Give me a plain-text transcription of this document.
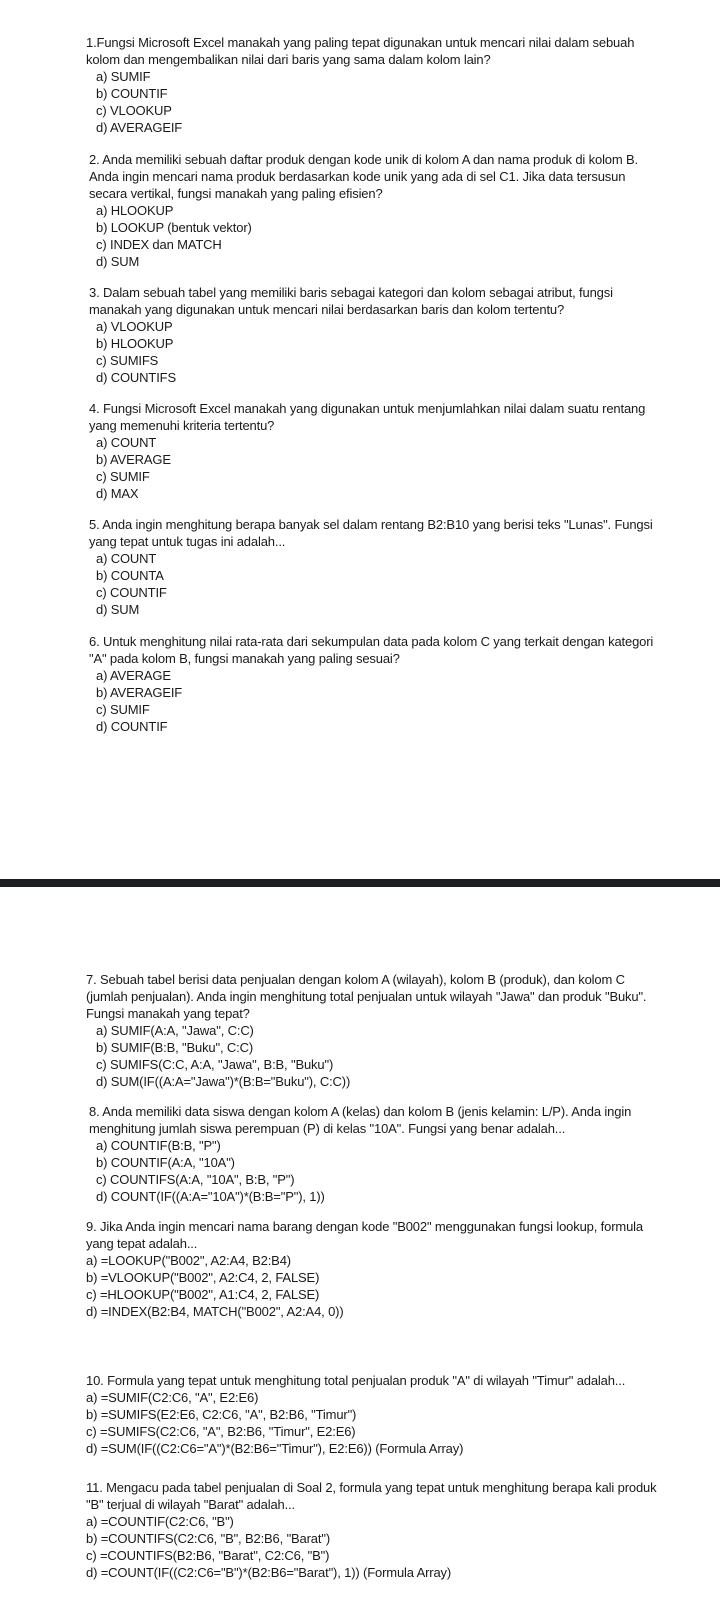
1.Fungsi Microsoft Excel manakah yang paling tepat digunakan untuk mencari nilai dalam sebuah kolom dan mengembalikan nilai dari baris yang sama dalam kolom lain?

a) SUMIF

b) COUNTIF

c) VLOOKUP

d) AVERAGEIF

2. Anda memiliki sebuah daftar produk dengan kode unik di kolom A dan nama produk di kolom B. Anda ingin mencari nama produk berdasarkan kode unik yang ada di sel C1. Jika data tersusun secara vertikal, fungsi manakah yang paling efisien?

a) HLOOKUP

b) LOOKUP (bentuk vektor)

c) INDEX dan MATCH

d) SUM

3. Dalam sebuah tabel yang memiliki baris sebagai kategori dan kolom sebagai atribut, fungsi manakah yang digunakan untuk mencari nilai berdasarkan baris dan kolom tertentu?

a) VLOOKUP

b) HLOOKUP

c) SUMIFS

d) COUNTIFS

4. Fungsi Microsoft Excel manakah yang digunakan untuk menjumlahkan nilai dalam suatu rentang yang memenuhi kriteria tertentu?

a) COUNT

b) AVERAGE

c) SUMIF

d) MAX

5. Anda ingin menghitung berapa banyak sel dalam rentang B2:B10 yang berisi teks "Lunas". Fungsi yang tepat untuk tugas ini adalah...

a) COUNT

b) COUNTA

c) COUNTIF

d) SUM

6. Untuk menghitung nilai rata-rata dari sekumpulan data pada kolom C yang terkait dengan kategori "A" pada kolom B, fungsi manakah yang paling sesuai?

a) AVERAGE

b) AVERAGEIF

c) SUMIF

d) COUNTIF

7. Sebuah tabel berisi data penjualan dengan kolom A (wilayah), kolom B (produk), dan kolom C (jumlah penjualan). Anda ingin menghitung total penjualan untuk wilayah "Jawa" dan produk "Buku". Fungsi manakah yang tepat?

a) SUMIF(A:A, "Jawa", C:C)

b) SUMIF(B:B, "Buku", C:C)

c) SUMIFS(C:C, A:A, "Jawa", B:B, "Buku")

d) SUM(IF((A:A="Jawa")*(B:B="Buku"), C:C))

8. Anda memiliki data siswa dengan kolom A (kelas) dan kolom B (jenis kelamin: L/P). Anda ingin menghitung jumlah siswa perempuan (P) di kelas "10A". Fungsi yang benar adalah...

a) COUNTIF(B:B, "P")

b) COUNTIF(A:A, "10A")

c) COUNTIFS(A:A, "10A", B:B, "P")

d) COUNT(IF((A:A="10A")*(B:B="P"), 1))

9. Jika Anda ingin mencari nama barang dengan kode "B002" menggunakan fungsi lookup, formula yang tepat adalah...

a) =LOOKUP("B002", A2:A4, B2:B4)

b) =VLOOKUP("B002", A2:C4, 2, FALSE)

c) =HLOOKUP("B002", A1:C4, 2, FALSE)

d) =INDEX(B2:B4, MATCH("B002", A2:A4, 0))

10. Formula yang tepat untuk menghitung total penjualan produk "A" di wilayah "Timur" adalah...

a) =SUMIF(C2:C6, "A", E2:E6)

b) =SUMIFS(E2:E6, C2:C6, "A", B2:B6, "Timur")

c) =SUMIFS(C2:C6, "A", B2:B6, "Timur", E2:E6)

d) =SUM(IF((C2:C6="A")*(B2:B6="Timur"), E2:E6)) (Formula Array)

11. Mengacu pada tabel penjualan di Soal 2, formula yang tepat untuk menghitung berapa kali produk "B" terjual di wilayah "Barat" adalah...

a) =COUNTIF(C2:C6, "B")

b) =COUNTIFS(C2:C6, "B", B2:B6, "Barat")

c) =COUNTIFS(B2:B6, "Barat", C2:C6, "B")

d) =COUNT(IF((C2:C6="B")*(B2:B6="Barat"), 1)) (Formula Array)
